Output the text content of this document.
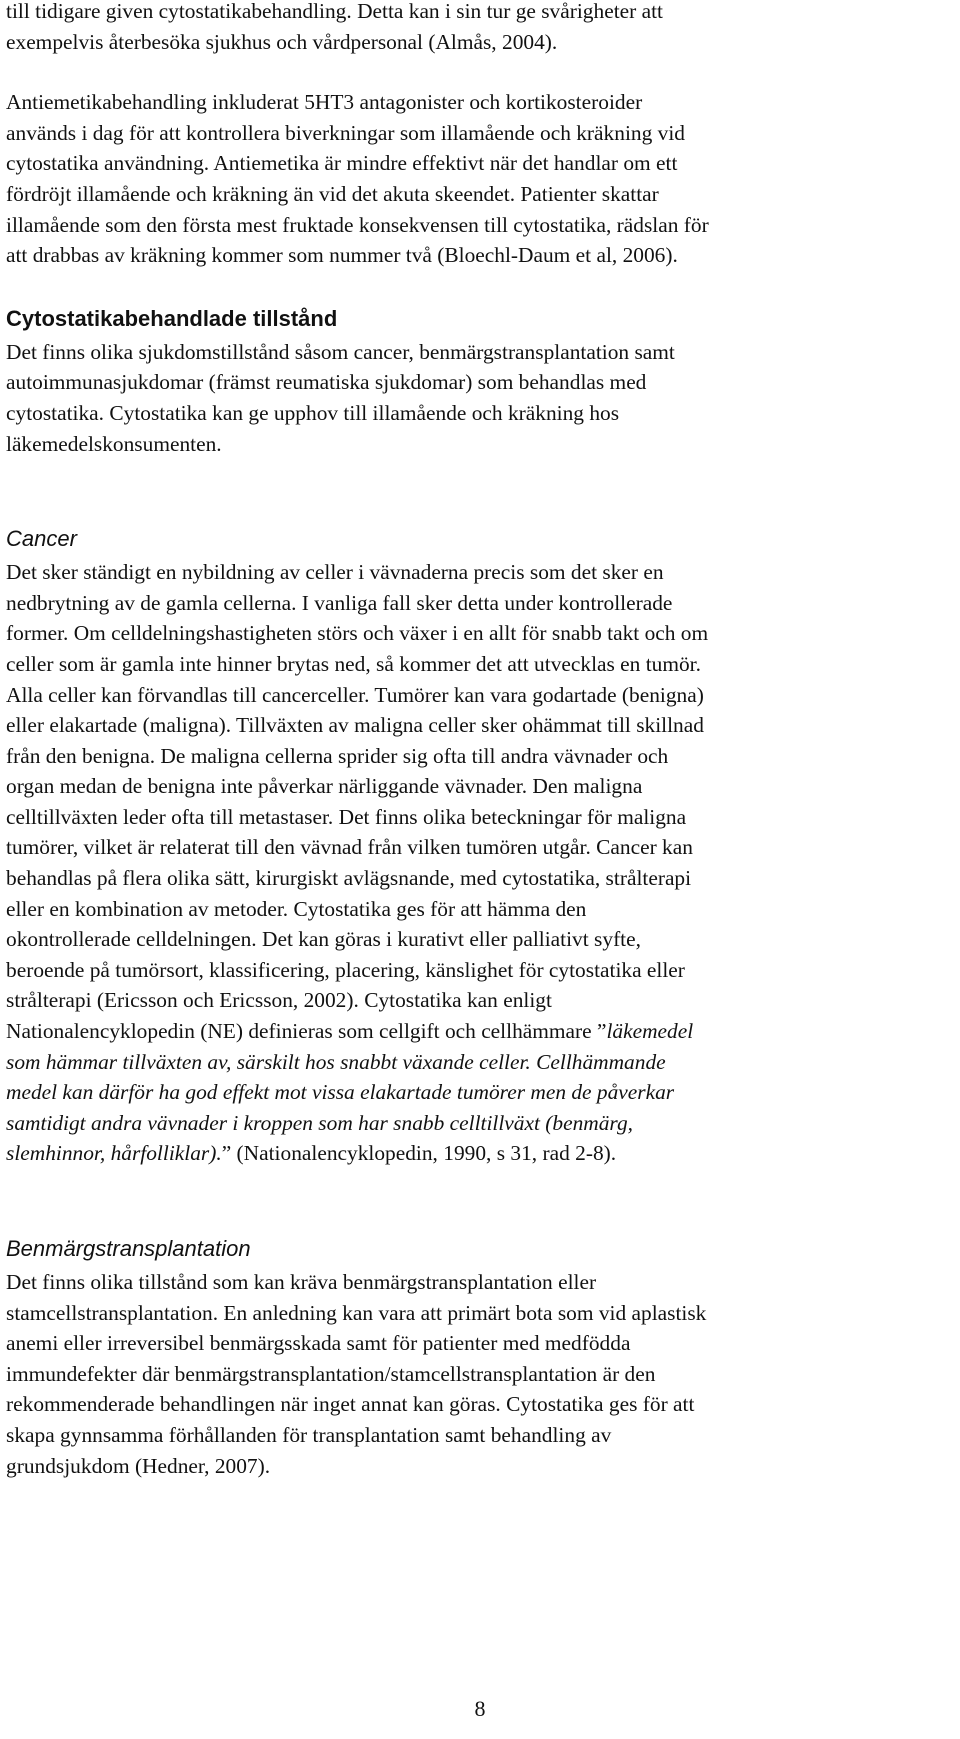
till tidigare given cytostatikabehandling. Detta kan i sin tur ge svårigheter att
exempelvis återbesöka sjukhus och vårdpersonal (Almås, 2004).

Antiemetikabehandling inkluderat 5HT3 antagonister och kortikosteroider
används i dag för att kontrollera biverkningar som illamående och kräkning vid
cytostatika användning. Antiemetika är mindre effektivt när det handlar om ett
fördröjt illamående och kräkning än vid det akuta skeendet. Patienter skattar
illamående som den första mest fruktade konsekvensen till cytostatika, rädslan för
att drabbas av kräkning kommer som nummer två (Bloechl-Daum et al, 2006).

Cytostatikabehandlade tillstånd

Det finns olika sjukdomstillstånd såsom cancer, benmärgstransplantation samt
autoimmunasjukdomar (främst reumatiska sjukdomar) som behandlas med
cytostatika. Cytostatika kan ge upphov till illamående och kräkning hos
läkemedelskonsumenten.

Cancer

Det sker ständigt en nybildning av celler i vävnaderna precis som det sker en
nedbrytning av de gamla cellerna. I vanliga fall sker detta under kontrollerade
former. Om celldelningshastigheten störs och växer i en allt för snabb takt och om
celler som är gamla inte hinner brytas ned, så kommer det att utvecklas en tumör.
Alla celler kan förvandlas till cancerceller. Tumörer kan vara godartade (benigna)
eller elakartade (maligna). Tillväxten av maligna celler sker ohämmat till skillnad
från den benigna. De maligna cellerna sprider sig ofta till andra vävnader och
organ medan de benigna inte påverkar närliggande vävnader. Den maligna
celltillväxten leder ofta till metastaser. Det finns olika beteckningar för maligna
tumörer, vilket är relaterat till den vävnad från vilken tumören utgår. Cancer kan
behandlas på flera olika sätt, kirurgiskt avlägsnande, med cytostatika, strålterapi
eller en kombination av metoder. Cytostatika ges för att hämma den
okontrollerade celldelningen. Det kan göras i kurativt eller palliativt syfte,
beroende på tumörsort, klassificering, placering, känslighet för cytostatika eller
strålterapi (Ericsson och Ericsson, 2002). Cytostatika kan enligt
Nationalencyklopedin (NE) definieras som cellgift och cellhämmare ”läkemedel
som hämmar tillväxten av, särskilt hos snabbt växande celler. Cellhämmande
medel kan därför ha god effekt mot vissa elakartade tumörer men de påverkar
samtidigt andra vävnader i kroppen som har snabb celltillväxt (benmärg,
slemhinnor, hårfolliklar).” (Nationalencyklopedin, 1990, s 31, rad 2-8).

Benmärgstransplantation

Det finns olika tillstånd som kan kräva benmärgstransplantation eller
stamcellstransplantation. En anledning kan vara att primärt bota som vid aplastisk
anemi eller irreversibel benmärgsskada samt för patienter med medfödda
immundefekter där benmärgstransplantation/stamcellstransplantation är den
rekommenderade behandlingen när inget annat kan göras. Cytostatika ges för att
skapa gynnsamma förhållanden för transplantation samt behandling av
grundsjukdom (Hedner, 2007).

8
